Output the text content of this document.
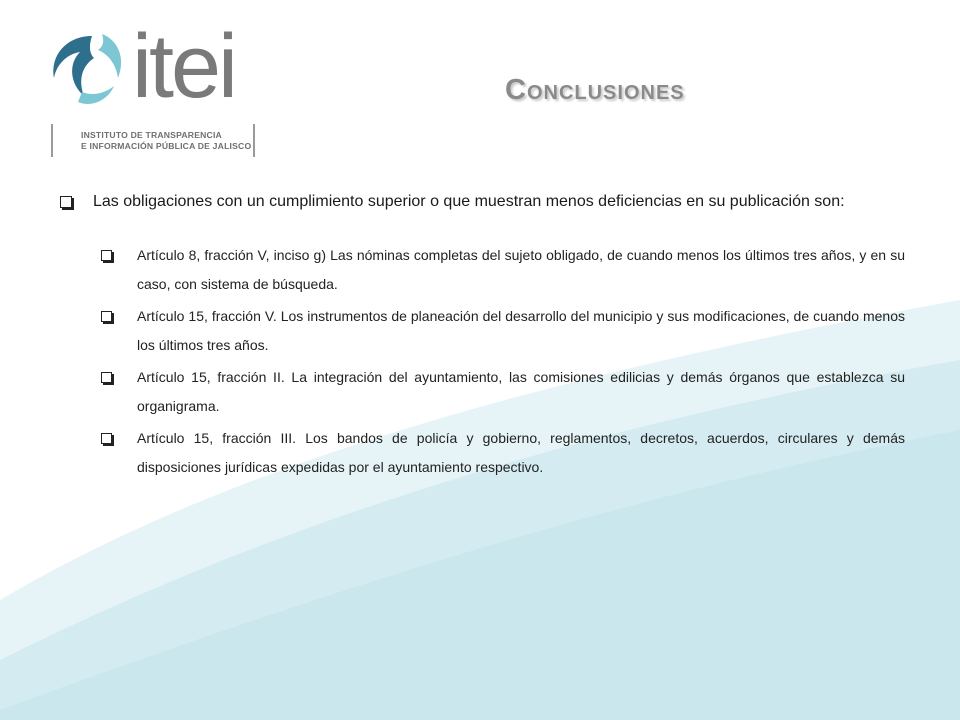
itei
INSTITUTO DE TRANSPARENCIA
E INFORMACIÓN PÚBLICA DE JALISCO
Conclusiones
Las obligaciones con un cumplimiento superior o que muestran menos deficiencias en su publicación son:
Artículo 8, fracción V, inciso g) Las nóminas completas del sujeto obligado, de cuando menos los últimos tres años, y en su caso, con sistema de búsqueda.
Artículo 15, fracción V. Los instrumentos de planeación del desarrollo del municipio y sus modificaciones, de cuando menos los últimos tres años.
Artículo 15, fracción II. La integración del ayuntamiento, las comisiones edilicias y demás órganos que establezca su organigrama.
Artículo 15, fracción III. Los bandos de policía y gobierno, reglamentos, decretos, acuerdos, circulares y demás disposiciones jurídicas expedidas por el ayuntamiento respectivo.
